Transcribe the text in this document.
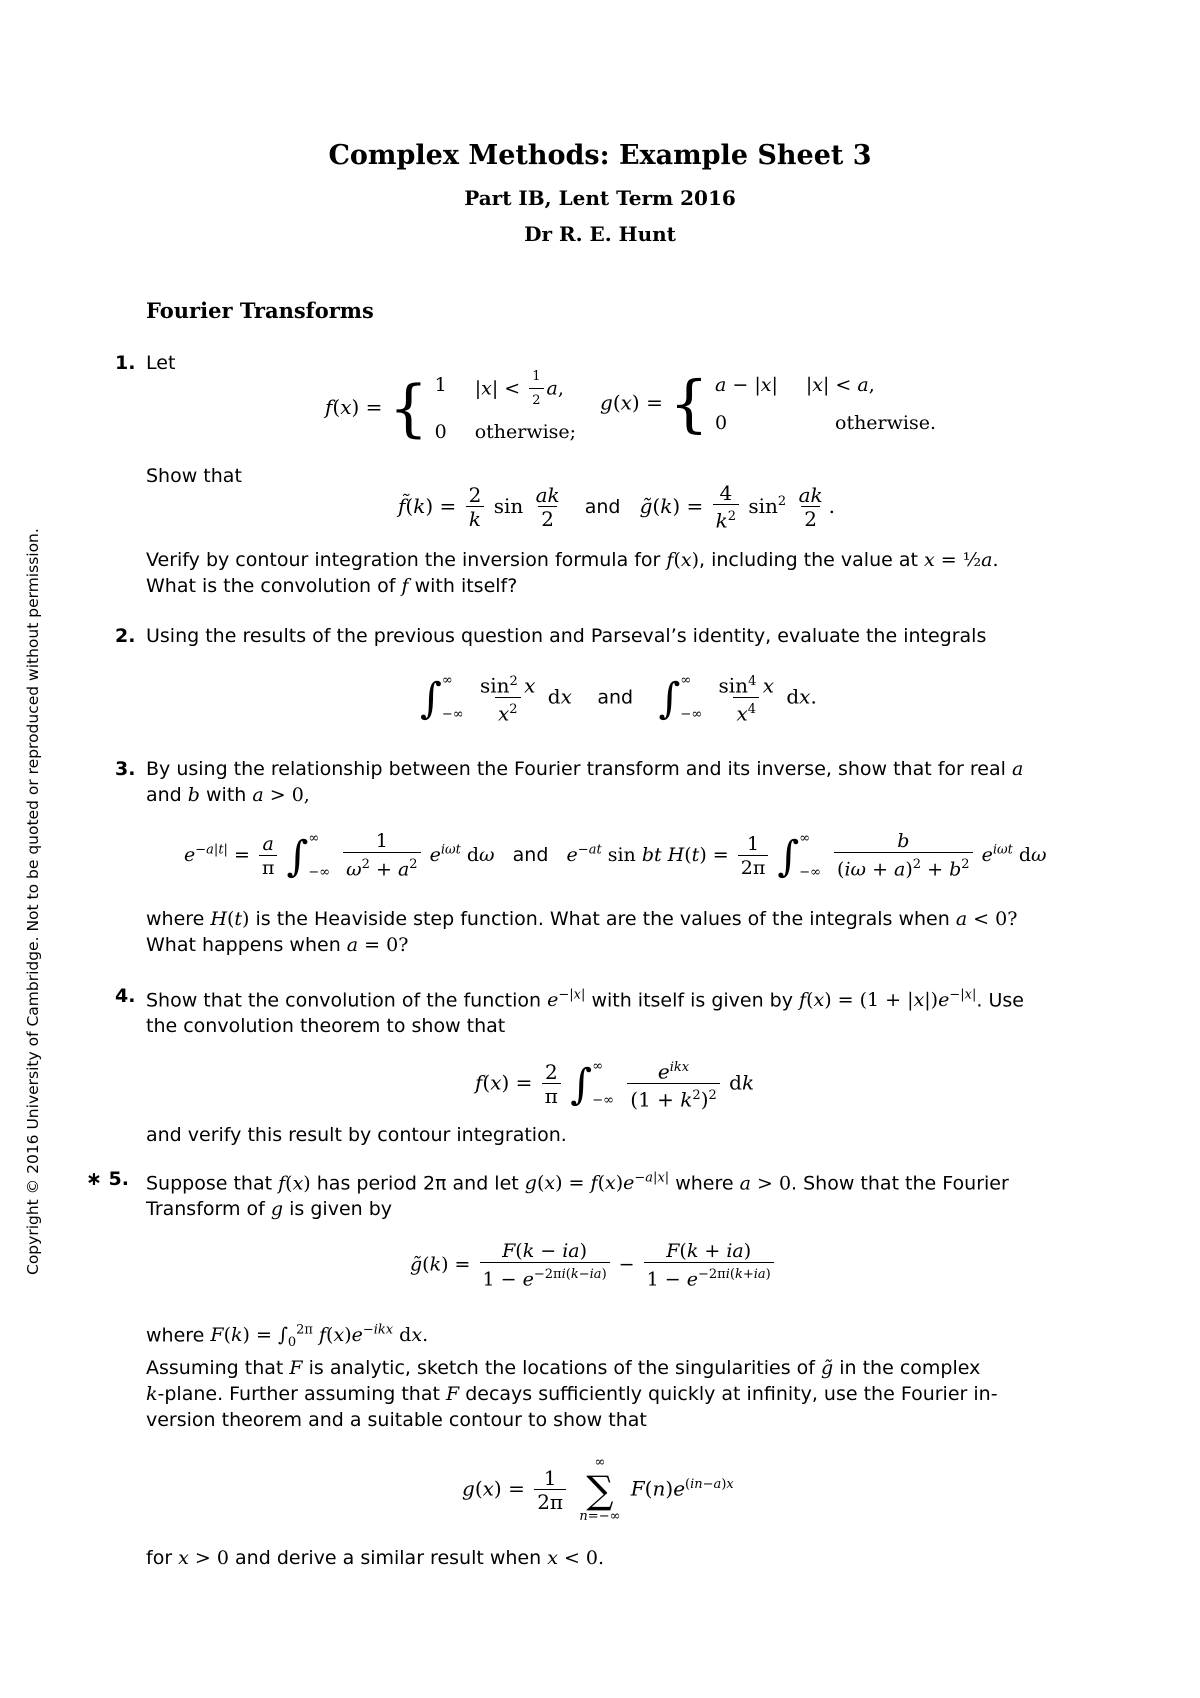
Copyright © 2016 University of Cambridge. Not to be quoted or reproduced without permission.
Complex Methods: Example Sheet 3
Part IB, Lent Term 2016
Dr R. E. Hunt
Fourier Transforms
1. Let
f(x) = { 1 $|x| < \frac{1}{2} a$,
0 otherwise;
g(x) = { a − |x| |x| < a,
0	otherwise.
Show that
f̃(k) = $\frac{2}{k}$ $\sin \frac{ak}{2}$ and g̃(k) = $\frac{4}{k^2} \sin^2 \frac{ak}{2}$ .
Verify by contour integration the inversion formula for f(x), including the value at x = ½a.
What is the convolution of f with itself?
2. Using the results of the previous question and Parseval’s identity, evaluate the integrals
∫ ∞
−∞
$\frac{\sin^2 x}{x^2}$ dx and ∫ ∞
−∞
$\frac{\sin^4 x}{x^4}$ dx.
3. By using the relationship between the Fourier transform and its inverse, show that for real a
and b with a > 0,
$e^{-a|t|} = \frac{a}{\pi}$ ∫ ∞
−∞
$\frac{1}{\omega^2 + a^2} e^{i\omega t}$ dω and $e^{-at}$ sin bt $H(t) = \frac{1}{2\pi}$ ∫ ∞
−∞
$\frac{b}{(i\omega + a)^2 + b^2} e^{i\omega t}$ dω
where H(t) is the Heaviside step function. What are the values of the integrals when a < 0?
What happens when a = 0?
4. Show that the convolution of the function $e^{-|x|}$ with itself is given by $f(x) = (1 + |x|)e^{-|x|}$. Use
the convolution theorem to show that
$f(x) = \frac{2}{\pi}$ ∫ ∞
−∞
$\frac{e^{ikx}}{(1 + k^2)^2}$ dk
and verify this result by contour integration.
∗ 5. Suppose that f(x) has period 2π and let $g(x) = f(x)e^{-a|x|}$ where a > 0. Show that the Fourier
Transform of g is given by
g̃(k) = $\frac{F(k - ia)}{1 - e^{-2\pi i(k-ia)}} - \frac{F(k + ia)}{1 - e^{-2\pi i(k+ia)}}$
where $F(k) = \int_0^{2\pi}$ $f(x)e^{-ikx}$ dx.
Assuming that F is analytic, sketch the locations of the singularities of g̃ in the complex
k-plane. Further assuming that F decays sufficiently quickly at infinity, use the Fourier in-
version theorem and a suitable contour to show that
$g(x) = \frac{1}{2\pi}$

∞
∑
n=−∞
$F(n)e^{(in-a)x}$
for x > 0 and derive a similar result when x < 0.
